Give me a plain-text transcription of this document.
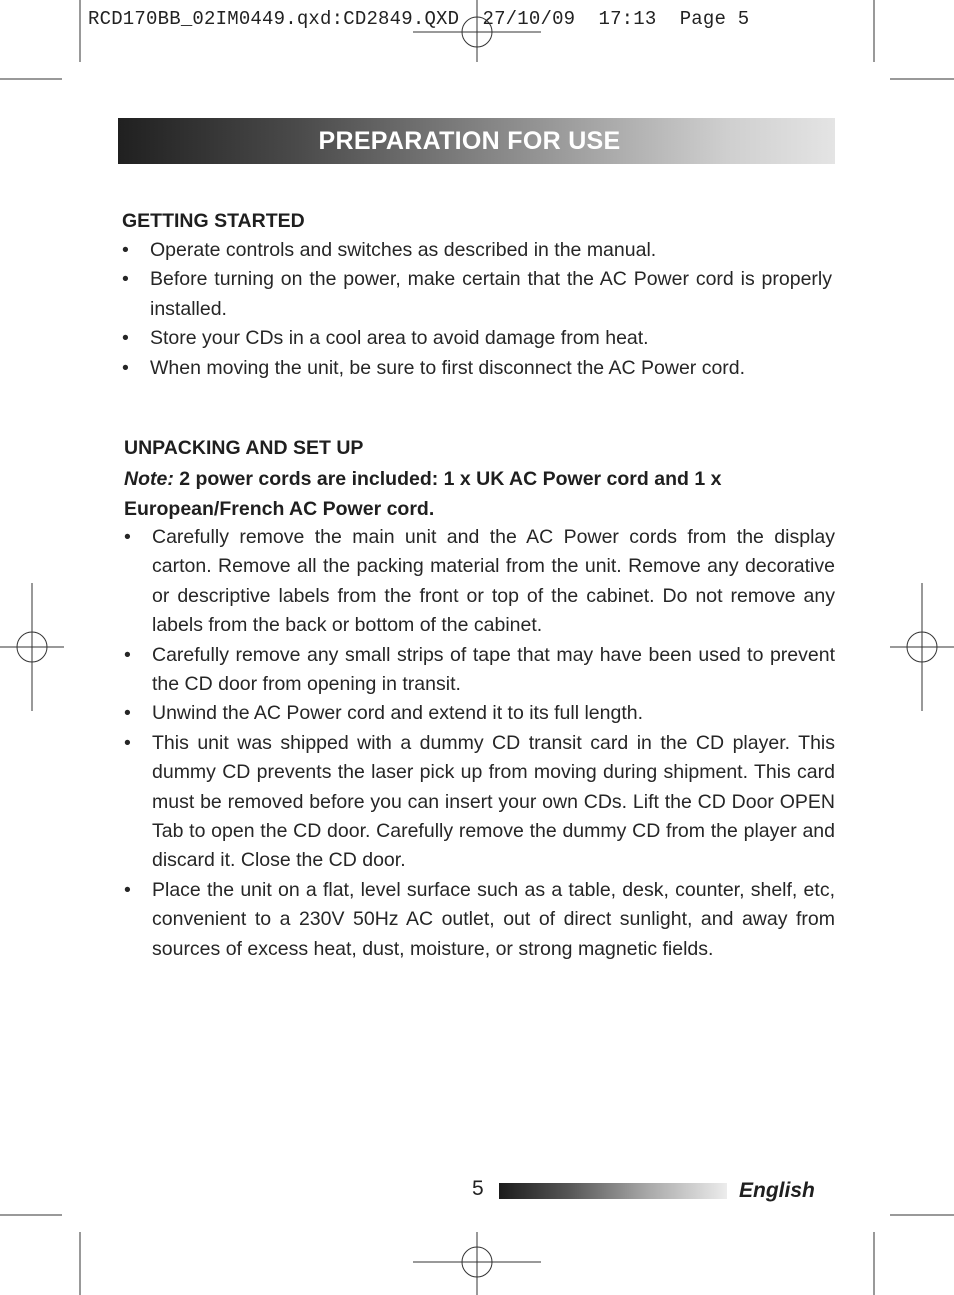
RCD170BB_02IM0449.qxd:CD2849.QXD  27/10/09  17:13  Page 5
PREPARATION FOR USE
GETTING STARTED
• Operate controls and switches as described in the manual.
• Before turning on the power, make certain that the AC Power cord is properly installed.
• Store your CDs in a cool area to avoid damage from heat.
• When moving the unit, be sure to first disconnect the AC Power cord.
UNPACKING AND SET UP
Note: 2 power cords are included: 1 x UK AC Power cord and 1 x European/French AC Power cord.
• Carefully remove the main unit and the AC Power cords from the display carton. Remove all the packing material from the unit. Remove any decorative or descriptive labels from the front or top of the cabinet. Do not remove any labels from the back or bottom of the cabinet.
• Carefully remove any small strips of tape that may have been used to prevent the CD door from opening in transit.
• Unwind the AC Power cord and extend it to its full length.
• This unit was shipped with a dummy CD transit card in the CD player. This dummy CD prevents the laser pick up from moving during shipment. This card must be removed before you can insert your own CDs. Lift the CD Door OPEN Tab to open the CD door. Carefully remove the dummy CD from the player and discard it. Close the CD door.
• Place the unit on a flat, level surface such as a table, desk, counter, shelf, etc, convenient to a 230V 50Hz AC outlet, out of direct sunlight, and away from sources of excess heat, dust, moisture, or strong magnetic fields.
5	English
